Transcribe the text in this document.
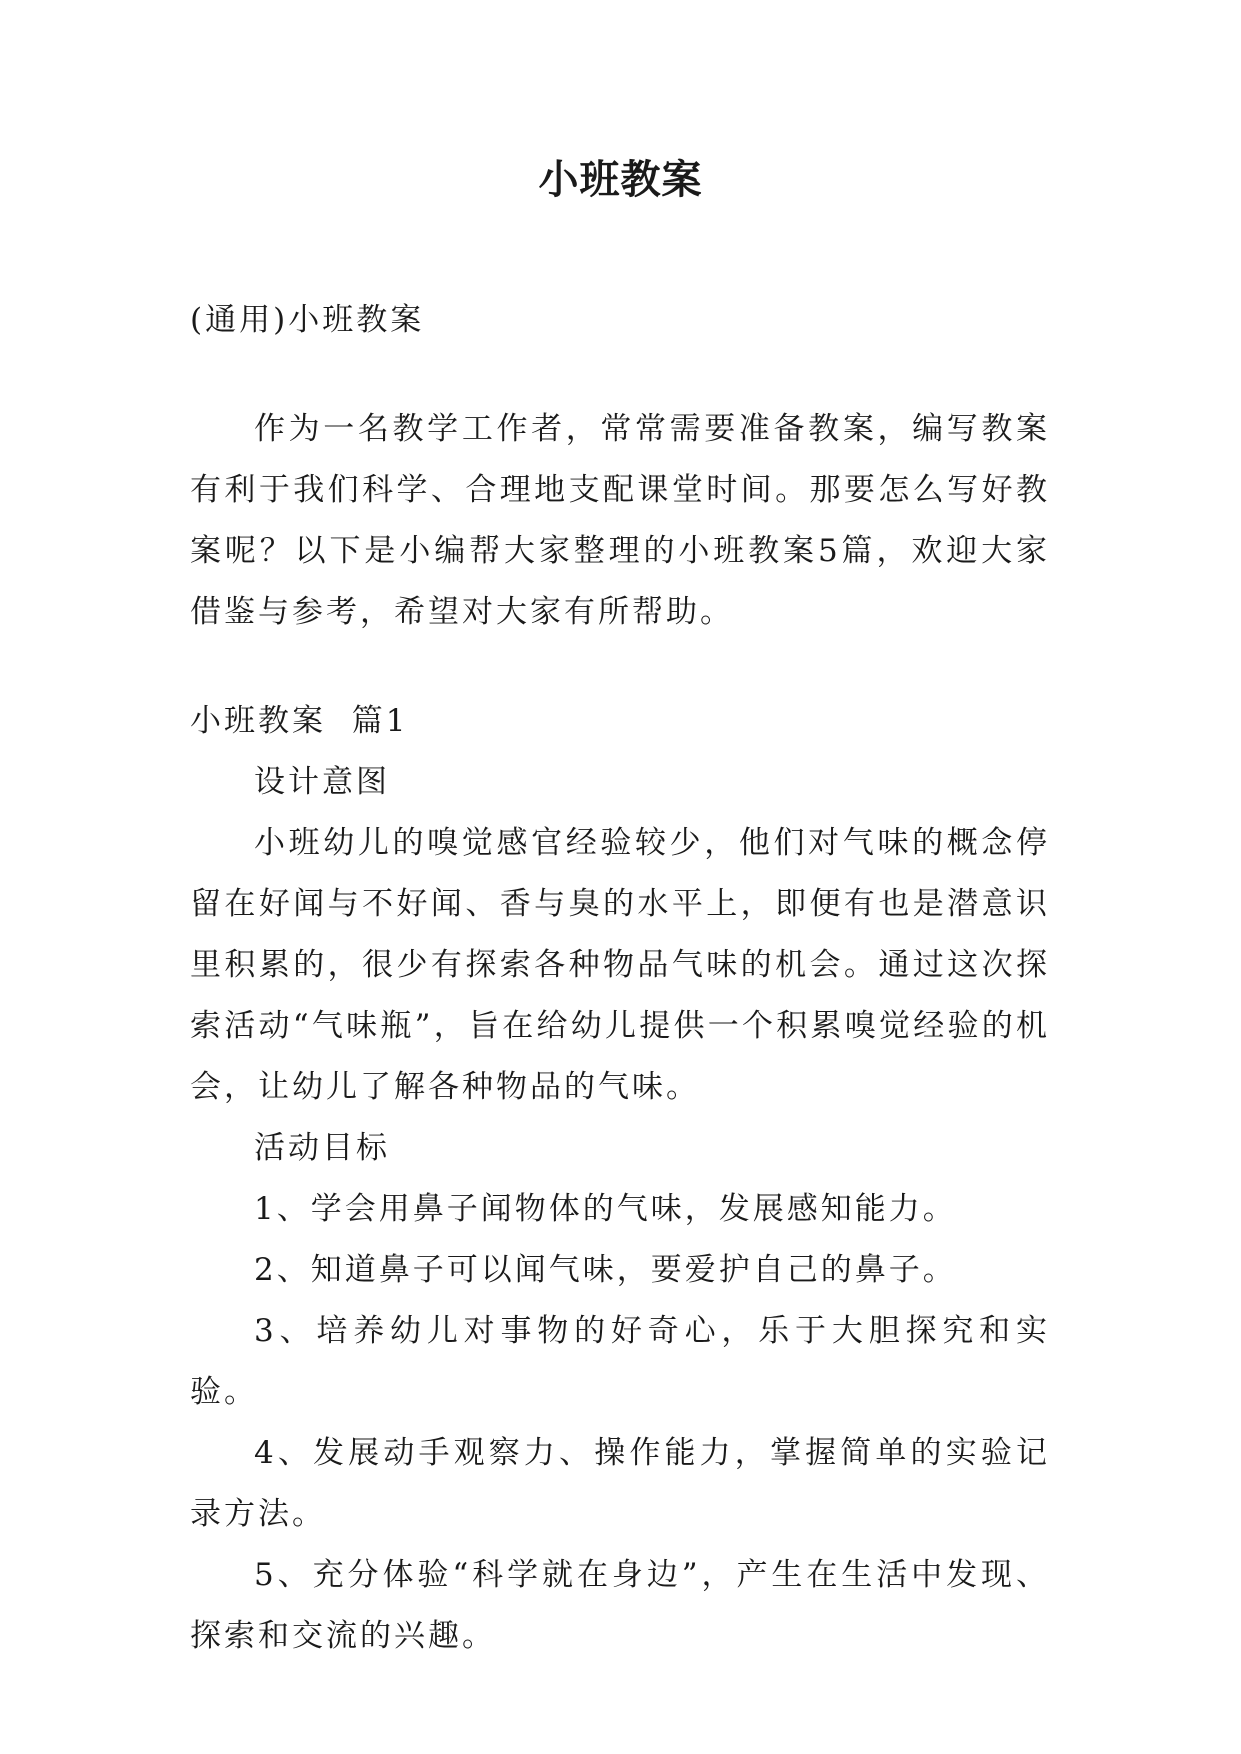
小班教案

(通用)小班教案

作为一名教学工作者，常常需要准备教案，编写教案有利于我们科学、合理地支配课堂时间。那要怎么写好教案呢？以下是小编帮大家整理的小班教案5篇，欢迎大家借鉴与参考，希望对大家有所帮助。

小班教案  篇1

设计意图

小班幼儿的嗅觉感官经验较少，他们对气味的概念停留在好闻与不好闻、香与臭的水平上，即便有也是潜意识里积累的，很少有探索各种物品气味的机会。通过这次探索活动“气味瓶”，旨在给幼儿提供一个积累嗅觉经验的机会，让幼儿了解各种物品的气味。

活动目标

1、学会用鼻子闻物体的气味，发展感知能力。

2、知道鼻子可以闻气味，要爱护自己的鼻子。

3、培养幼儿对事物的好奇心，乐于大胆探究和实验。

4、发展动手观察力、操作能力，掌握简单的实验记录方法。

5、充分体验“科学就在身边”，产生在生活中发现、探索和交流的兴趣。
